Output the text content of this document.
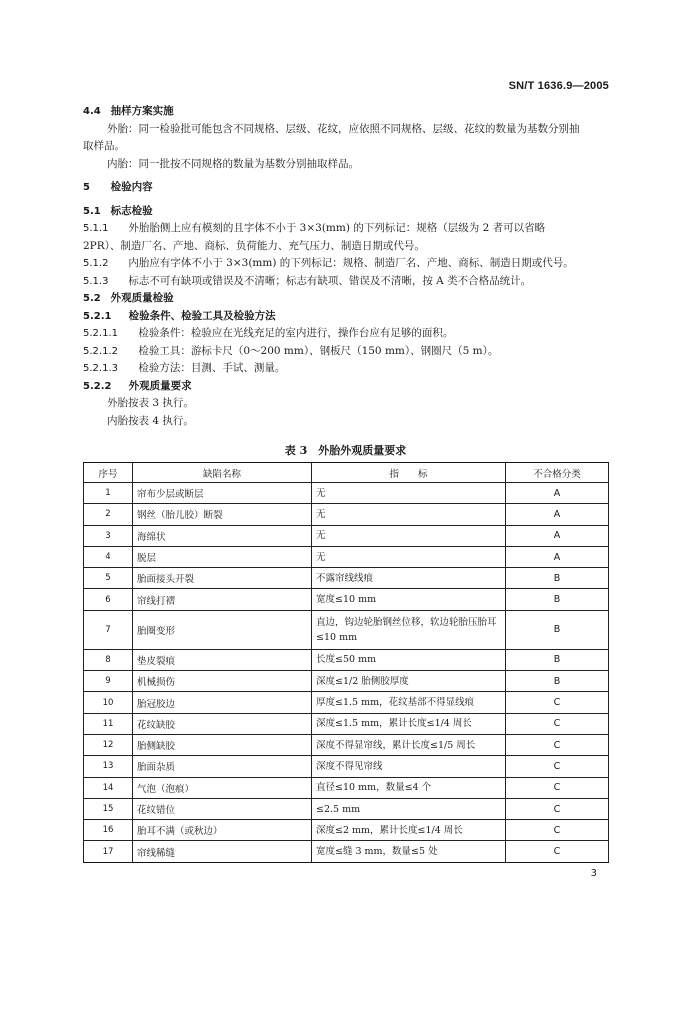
SN/T 1636.9—2005
4.4 抽样方案实施
外胎：同一检验批可能包含不同规格、层级、花纹，应依照不同规格、层级、花纹的数量为基数分别抽
取样品。
内胎：同一批按不同规格的数量为基数分别抽取样品。
5 检验内容
5.1 标志检验
5.1.1 外胎胎侧上应有模刻的且字体不小于 3×3(mm) 的下列标记：规格（层级为 2 者可以省略
2PR）、制造厂名、产地、商标、负荷能力、充气压力、制造日期或代号。
5.1.2 内胎应有字体不小于 3×3(mm) 的下列标记：规格、制造厂名、产地、商标、制造日期或代号。
5.1.3 标志不可有缺项或错误及不清晰；标志有缺项、错误及不清晰，按 A 类不合格品统计。
5.2 外观质量检验
5.2.1 检验条件、检验工具及检验方法
5.2.1.1 检验条件：检验应在光线充足的室内进行，操作台应有足够的面积。
5.2.1.2 检验工具：游标卡尺（0～200 mm）、钢板尺（150 mm）、钢圈尺（5 m）。
5.2.1.3 检验方法：目测、手试、测量。
5.2.2 外观质量要求
外胎按表 3 执行。
内胎按表 4 执行。
表 3　外胎外观质量要求
序号	缺陷名称	指　　标	不合格分类
1	帘布少层或断层	无	A
2	钢丝（胎儿胶）断裂	无	A
3	海绵状	无	A
4	脱层	无	A
5	胎面接头开裂	不露帘线线痕	B
6	帘线打褶	宽度≤10 mm	B
7	胎圈变形	直边，钩边轮胎钢丝位移，软边轮胎压胎耳≤10 mm	B
8	垫皮裂痕	长度≤50 mm	B
9	机械损伤	深度≤1/2 胎侧胶厚度	B
10	胎冠胶边	厚度≤1.5 mm，花纹基部不得显线痕	C
11	花纹缺胶	深度≤1.5 mm，累计长度≤1/4 周长	C
12	胎侧缺胶	深度不得显帘线，累计长度≤1/5 周长	C
13	胎面杂质	深度不得见帘线	C
14	气泡（泡痕）	直径≤10 mm，数量≤4 个	C
15	花纹错位	≤2.5 mm	C
16	胎耳不满（或秋边）	深度≤2 mm，累计长度≤1/4 周长	C
17	帘线稀缝	宽度≤缝 3 mm，数量≤5 处	C
3
